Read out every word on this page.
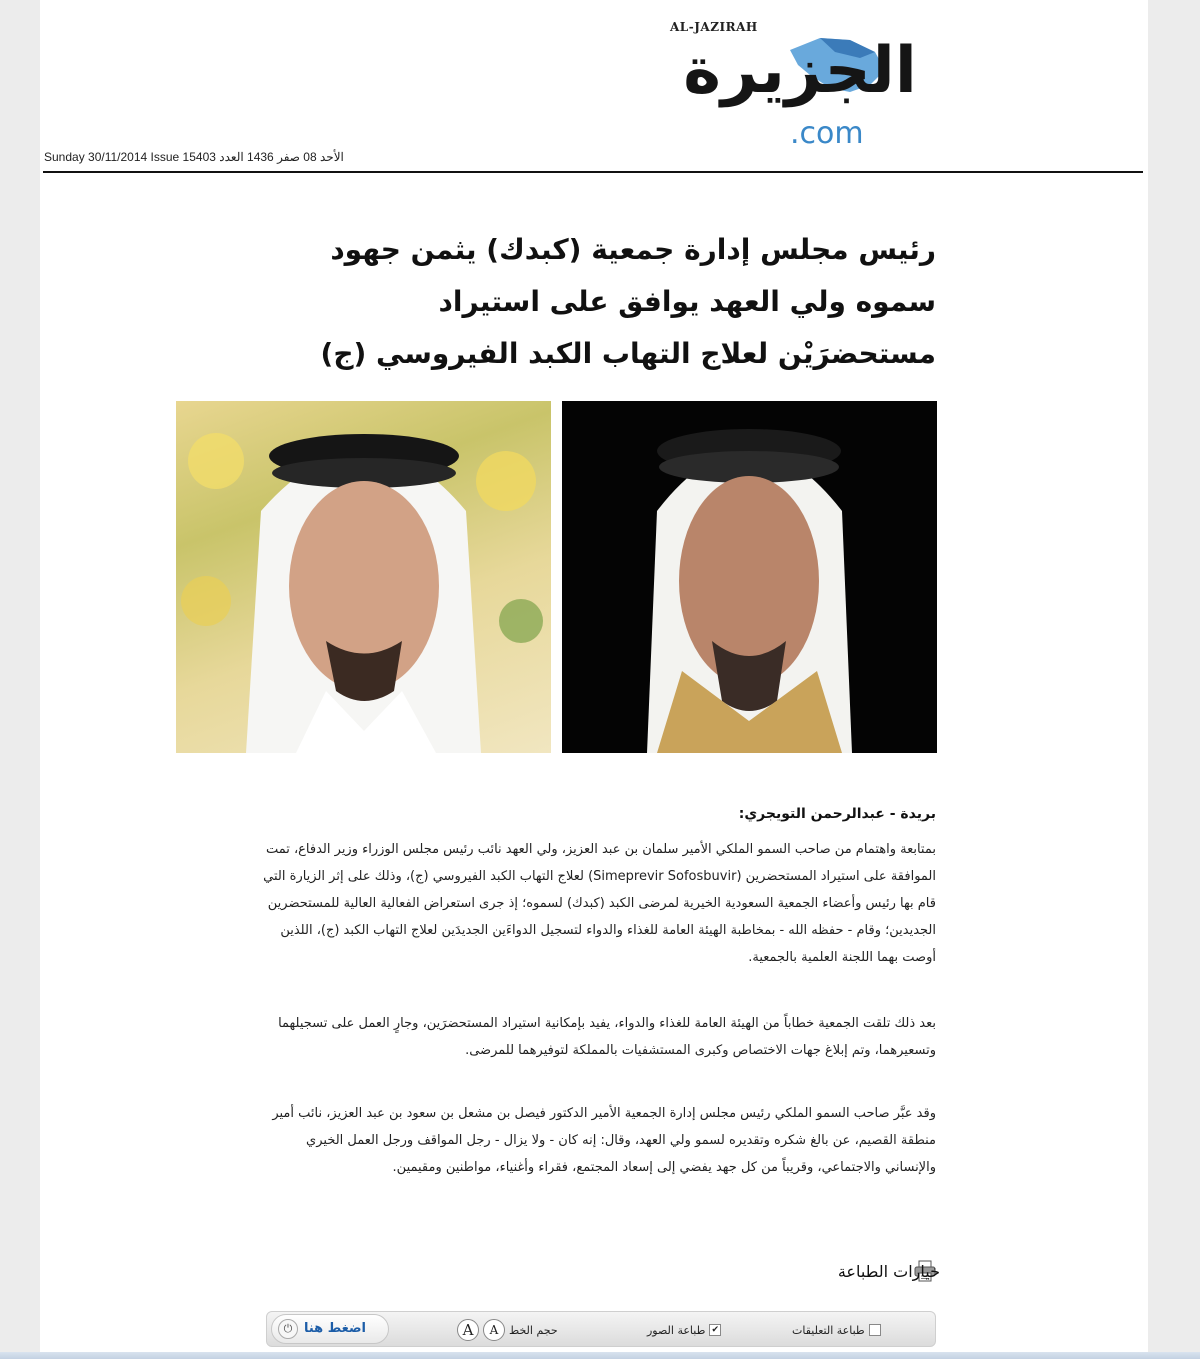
AL-JAZIRAH
الجزيرة
.com
Sunday 30/11/2014 Issue 15403 الأحد 08 صفر 1436 العدد
رئيس مجلس إدارة جمعية (كبدك) يثمن جهود سموه ولي العهد يوافق على استيراد مستحضرَيْن لعلاج التهاب الكبد الفيروسي (ج)
بريدة - عبدالرحمن التويجري:

بمتابعة واهتمام من صاحب السمو الملكي الأمير سلمان بن عبد العزيز، ولي العهد نائب رئيس مجلس الوزراء وزير الدفاع، تمت الموافقة على استيراد المستحضرين (Simeprevir Sofosbuvir) لعلاج التهاب الكبد الفيروسي (ج)، وذلك على إثر الزيارة التي قام بها رئيس وأعضاء الجمعية السعودية الخيرية لمرضى الكبد (كبدك) لسموه؛ إذ جرى استعراض الفعالية العالية للمستحضرين الجديدين؛ وقام - حفظه الله - بمخاطبة الهيئة العامة للغذاء والدواء لتسجيل الدواءَين الجديدَين لعلاج التهاب الكبد (ج)، اللذين أوصت بهما اللجنة العلمية بالجمعية.

بعد ذلك تلقت الجمعية خطاباً من الهيئة العامة للغذاء والدواء، يفيد بإمكانية استيراد المستحضرَين، وجارٍ العمل على تسجيلهما وتسعيرهما، وتم إبلاغ جهات الاختصاص وكبرى المستشفيات بالمملكة لتوفيرهما للمرضى.

وقد عبَّر صاحب السمو الملكي رئيس مجلس إدارة الجمعية الأمير الدكتور فيصل بن مشعل بن سعود بن عبد العزيز، نائب أمير منطقة القصيم، عن بالغ شكره وتقديره لسمو ولي العهد، وقال: إنه كان - ولا يزال - رجل المواقف ورجل العمل الخيري والإنساني والاجتماعي، وقريباً من كل جهد يفضي إلى إسعاد المجتمع، فقراء وأغنياء، مواطنين ومقيمين.

خيارات الطباعة
طباعة التعليقات
✔
طباعة الصور
حجم الخط
A
A
⏻ اضغط هنا
